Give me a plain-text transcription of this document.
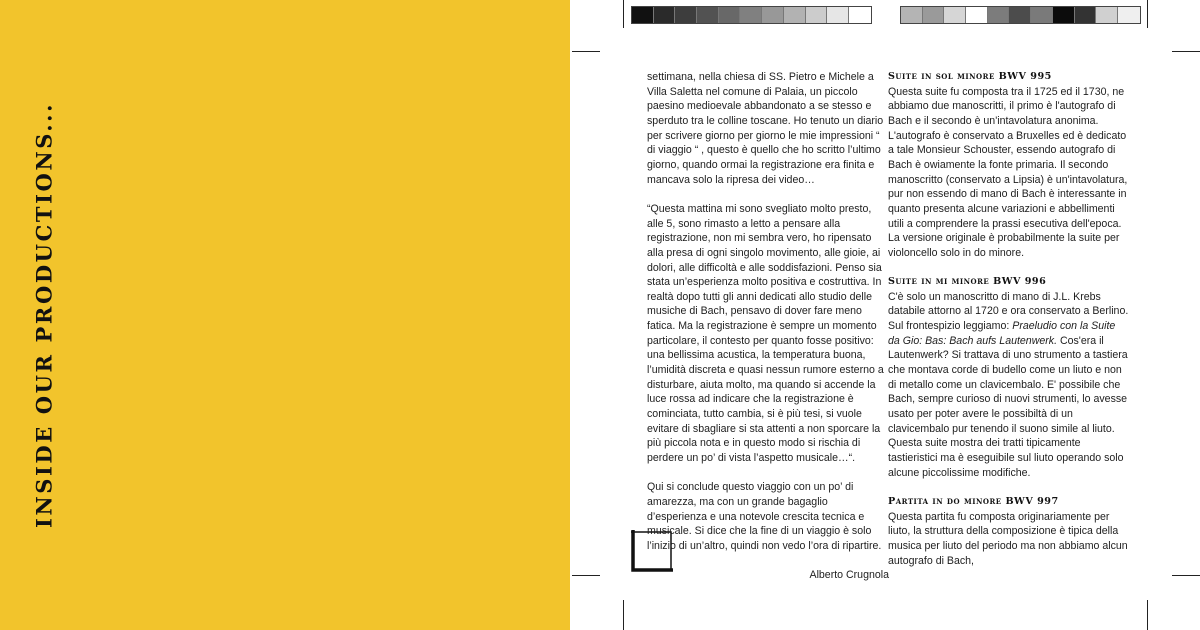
INSIDE OUR PRODUCTIONS...

settimana, nella chiesa di SS. Pietro e Michele a Villa Saletta nel comune di Palaia, un piccolo paesino medioevale abbandonato a se stesso e sperduto tra le colline toscane. Ho tenuto un diario per scrivere giorno per giorno le mie impressioni “ di viaggio “ , questo è quello che ho scritto l’ultimo giorno, quando ormai la registrazione era finita e mancava solo la ripresa dei video…

“Questa mattina mi sono svegliato molto presto, alle 5, sono rimasto a letto a pensare alla registrazione, non mi sembra vero, ho ripensato alla presa di ogni singolo movimento, alle gioie, ai dolori, alle difficoltà e alle soddisfazioni. Penso sia stata un’esperienza molto positiva e costruttiva. In realtà dopo tutti gli anni dedicati allo studio delle musiche di Bach, pensavo di dover fare meno fatica. Ma la registrazione è sempre un momento particolare, il contesto per quanto fosse positivo: una bellissima acustica, la temperatura buona, l’umidità discreta e quasi nessun rumore esterno a disturbare, aiuta molto, ma quando si accende la luce rossa ad indicare che la registrazione è cominciata, tutto cambia, si è più tesi, si vuole evitare di sbagliare si sta attenti a non sporcare la più piccola nota e in questo modo si rischia di perdere un po’ di vista l’aspetto musicale…“.

Qui si conclude questo viaggio con un po’ di amarezza, ma con un grande bagaglio d’esperienza e una notevole crescita tecnica e musicale. Si dice che la fine di un viaggio è solo l’inizio di un’altro, quindi non vedo l’ora di ripartire.

Alberto Crugnola

Suite in sol minore BWV 995

Questa suite fu composta tra il 1725 ed il 1730, ne abbiamo due manoscritti, il primo è l'autografo di Bach e il secondo è un'intavolatura anonima. L'autografo è conservato a Bruxelles ed è dedicato a tale Monsieur Schouster, essendo autografo di Bach è owiamente la fonte primaria. Il secondo manoscritto (conservato a Lipsia) è un'intavolatura, pur non essendo di mano di Bach è interessante in quanto presenta alcune variazioni e abbellimenti utili a comprendere la prassi esecutiva dell'epoca.

La versione originale è probabilmente la suite per violoncello solo in do minore.

Suite in mi minore BWV 996

C'è solo un manoscritto di mano di J.L. Krebs databile attorno al 1720 e ora conservato a Berlino. Sul frontespizio leggiamo: Praeludio con la Suite da Gio: Bas: Bach aufs Lautenwerk. Cos'era il Lautenwerk? Si trattava di uno strumento a tastiera che montava corde di budello come un liuto e non di metallo come un clavicembalo. E' possibile che Bach, sempre curioso di nuovi strumenti, lo avesse usato per poter avere le possibiltà di un clavicembalo pur tenendo il suono simile al liuto. Questa suite mostra dei tratti tipicamente tastieristici ma è eseguibile sul liuto operando solo alcune piccolissime modifiche.

Partita in do minore BWV 997

Questa partita fu composta originariamente per liuto, la struttura della composizione è tipica della musica per liuto del periodo ma non abbiamo alcun autografo di Bach,
